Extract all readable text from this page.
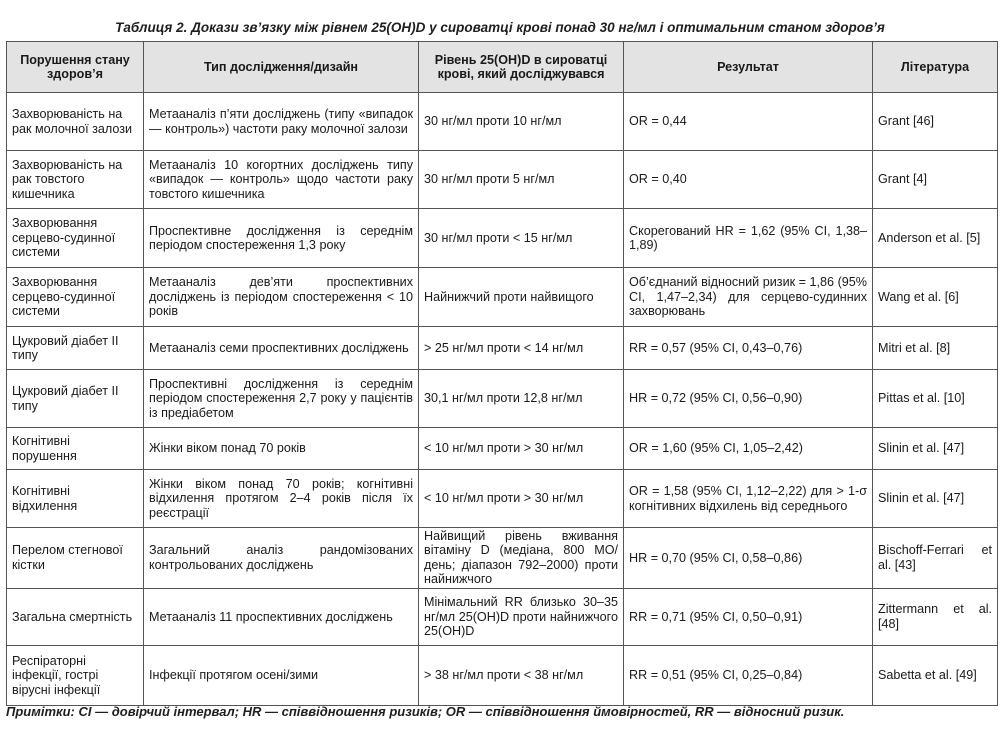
Таблиця 2. Докази зв’язку між рівнем 25(OH)D у сироватці крові понад 30 нг/мл і оптимальним станом здоров’я
Порушення стану здоров’я	Тип дослідження/дизайн	Рівень 25(OH)D в сироватці крові, який досліджувався	Результат	Література
Захворюваність на рак молочної залози	Метааналіз п’яти досліджень (типу «випадок — контроль») частоти раку молочної залози	30 нг/мл проти 10 нг/мл	OR = 0,44	Grant [46]
Захворюваність на рак товстого кишечника	Метааналіз 10 когортних досліджень типу «випадок — контроль» щодо частоти раку товстого кишечника	30 нг/мл проти 5 нг/мл	OR = 0,40	Grant [4]
Захворювання серцево-судинної системи	Проспективне дослідження із середнім періодом спостереження 1,3 року	30 нг/мл проти < 15 нг/мл	Скорегований HR = 1,62 (95% CI, 1,38–1,89)	Anderson et al. [5]
Захворювання серцево-судинної системи	Метааналіз дев’яти проспективних досліджень із періодом спостереження < 10 років	Найнижчий проти найвищого	Об’єднаний відносний ризик = 1,86 (95% CI, 1,47–2,34) для серцево-судинних захворювань	Wang et al. [6]
Цукровий діабет II типу	Метааналіз семи проспективних досліджень	> 25 нг/мл проти < 14 нг/мл	RR = 0,57 (95% CI, 0,43–0,76)	Mitri et al. [8]
Цукровий діабет II типу	Проспективні дослідження із середнім періодом спостереження 2,7 року у пацієнтів із предіабетом	30,1 нг/мл проти 12,8 нг/мл	HR = 0,72 (95% CI, 0,56–0,90)	Pittas et al. [10]
Когнітивні порушення	Жінки віком понад 70 років	< 10 нг/мл проти > 30 нг/мл	OR = 1,60 (95% CI, 1,05–2,42)	Slinin et al. [47]
Когнітивні відхилення	Жінки віком понад 70 років; когнітивні відхилення протягом 2–4 років після їх реєстрації	< 10 нг/мл проти > 30 нг/мл	OR = 1,58 (95% CI, 1,12–2,22) для > 1-σ когнітивних відхилень від середнього	Slinin et al. [47]
Перелом стегнової кістки	Загальний аналіз рандомізованих контрольованих досліджень	Найвищий рівень вживання вітаміну D (медіана, 800 МО/день; діапазон 792–2000) проти найнижчого	HR = 0,70 (95% CI, 0,58–0,86)	Bischoff-Ferrari et al. [43]
Загальна смертність	Метааналіз 11 проспективних досліджень	Мінімальний RR близько 30–35 нг/мл 25(OH)D проти найнижчого 25(OH)D	RR = 0,71 (95% CI, 0,50–0,91)	Zittermann et al. [48]
Респіраторні інфекції, гострі вірусні інфекції	Інфекції протягом осені/зими	> 38 нг/мл проти < 38 нг/мл	RR = 0,51 (95% CI, 0,25–0,84)	Sabetta et al. [49]
Примітки: CI — довірчий інтервал; HR — співвідношення ризиків; OR — співвідношення ймовірностей, RR — відносний ризик.
